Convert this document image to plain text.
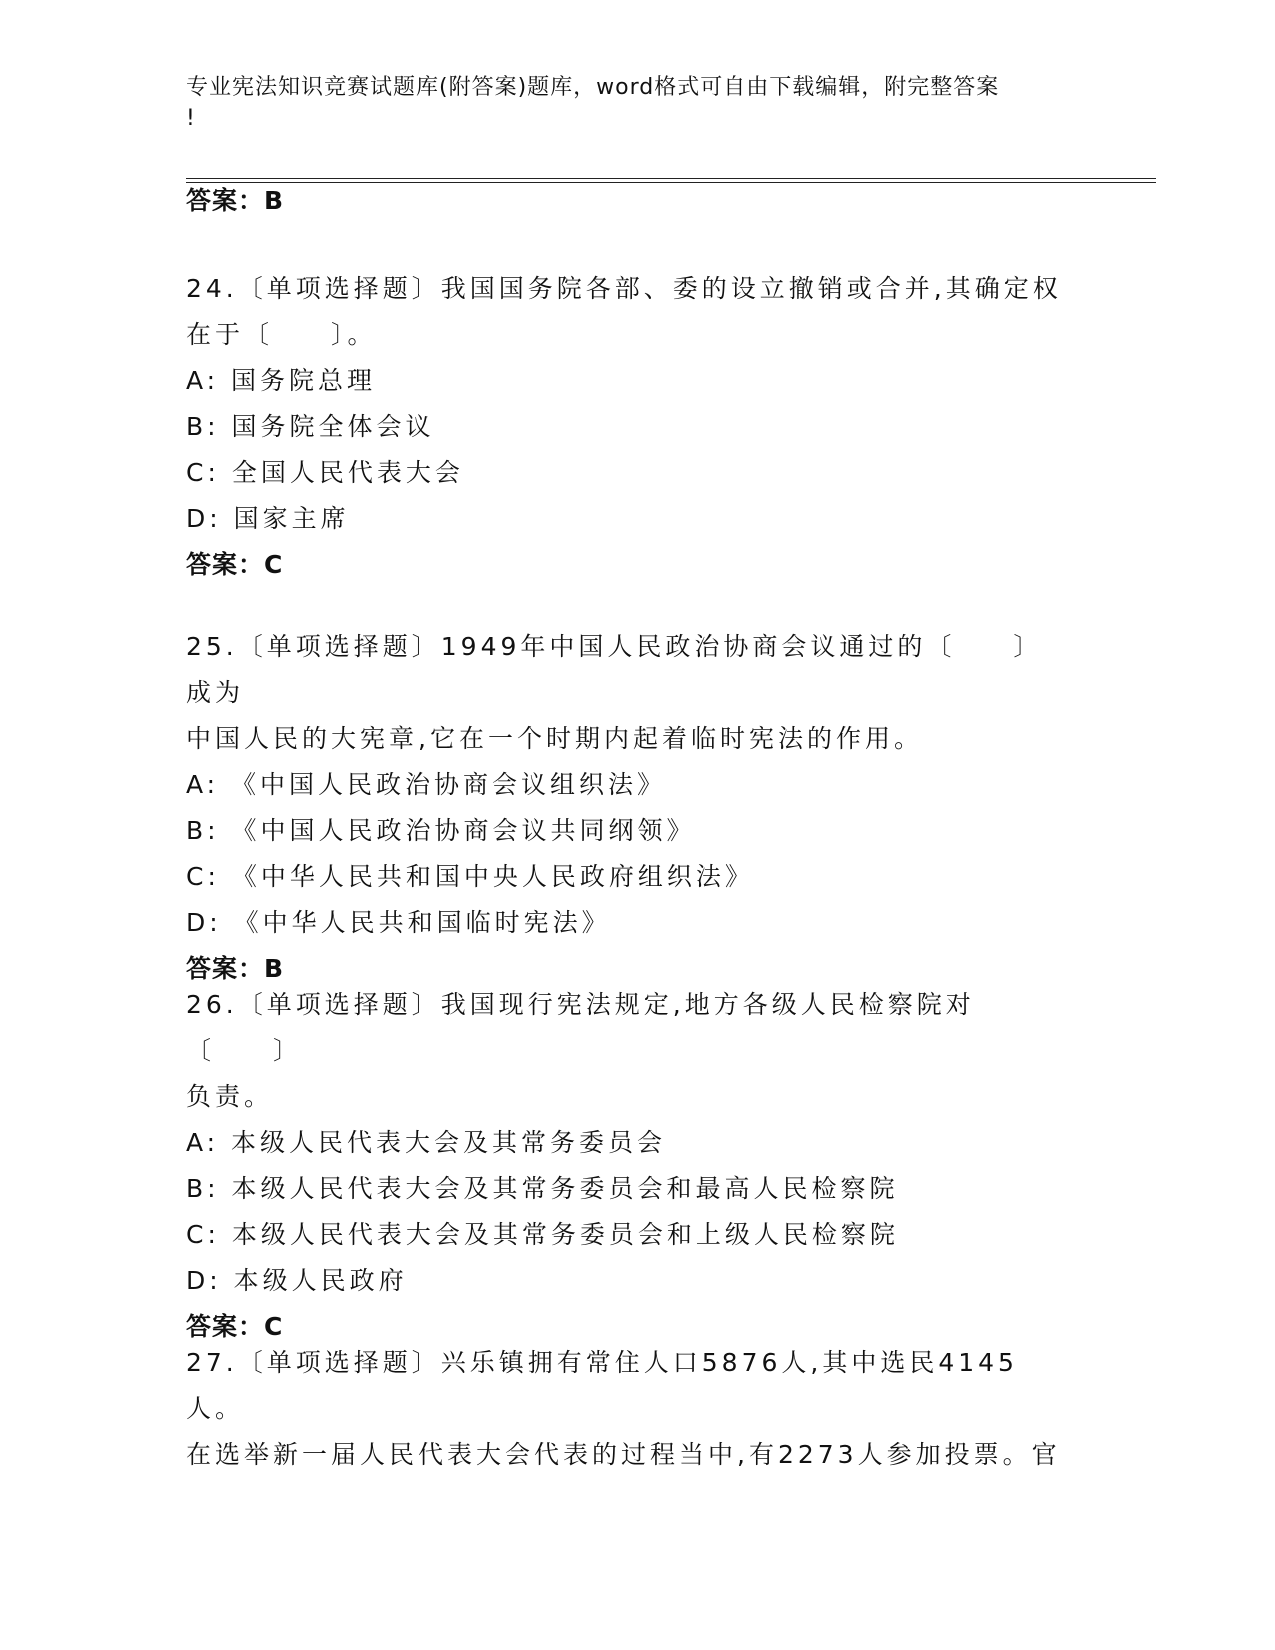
专业宪法知识竞赛试题库(附答案)题库，word格式可自由下载编辑，附完整答案
!
答案：B

24.〔单项选择题〕我国国务院各部、委的设立撤销或合并,其确定权

在于〔　　〕。

A: 国务院总理

B: 国务院全体会议

C: 全国人民代表大会

D: 国家主席

答案：C

25.〔单项选择题〕1949年中国人民政治协商会议通过的〔　　〕成为

中国人民的大宪章,它在一个时期内起着临时宪法的作用。

A: 《中国人民政治协商会议组织法》

B: 《中国人民政治协商会议共同纲领》

C: 《中华人民共和国中央人民政府组织法》

D: 《中华人民共和国临时宪法》

答案：B

26.〔单项选择题〕我国现行宪法规定,地方各级人民检察院对〔　　〕

负责。

A: 本级人民代表大会及其常务委员会

B: 本级人民代表大会及其常务委员会和最高人民检察院

C: 本级人民代表大会及其常务委员会和上级人民检察院

D: 本级人民政府

答案：C

27.〔单项选择题〕兴乐镇拥有常住人口5876人,其中选民4145人。

在选举新一届人民代表大会代表的过程当中,有2273人参加投票。官
